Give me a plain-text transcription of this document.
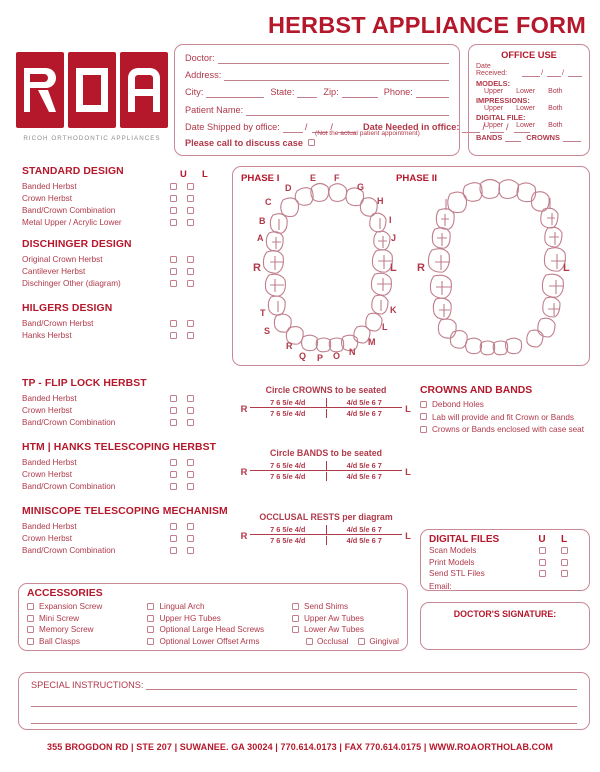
HERBST APPLIANCE FORM
RICOH ORTHODONTIC APPLIANCES
Doctor:
Address:
City:	State:	Zip:	Phone:
Patient Name:
Date Shipped by office:	/	/	Date Needed in office:	/ /
(Not the actual patient appointment)
Please call to discuss case
OFFICE USE
Date Received:	/	/
MODELS:
Upper Lower Both
IMPRESSIONS:
Upper Lower Both
DIGITAL FILE:
Upper Lower Both
BANDS	CROWNS
U L
STANDARD DESIGN
Banded Herbst
Crown Herbst
Band/Crown Combination
Metal Upper / Acrylic Lower
DISCHINGER DESIGN
Original Crown Herbst
Cantilever Herbst
Dischinger Other (diagram)
HILGERS DESIGN
Band/Crown Herbst
Hanks Herbst
TP - FLIP LOCK HERBST
Banded Herbst
Crown Herbst
Band/Crown Combination
HTM | HANKS TELESCOPING HERBST
Banded Herbst
Crown Herbst
Band/Crown Combination
MINISCOPE TELESCOPING MECHANISM
Banded Herbst
Crown Herbst
Band/Crown Combination
PHASE I	PHASE II
A
B
C
D
E F
G
H
I
J
K
L
M
N
O
P
Q
R
S
T
R	L R	L
Circle CROWNS to be seated
R
7 6 5/e 4/d	4/d 5/e 6 7
7 6 5/e 4/d	4/d 5/e 6 7	L
Circle BANDS to be seated
R
7 6 5/e 4/d	4/d 5/e 6 7
7 6 5/e 4/d	4/d 5/e 6 7	L
OCCLUSAL RESTS per diagram
R
7 6 5/e 4/d	4/d 5/e 6 7
7 6 5/e 4/d	4/d 5/e 6 7	L
CROWNS AND BANDS
Debond Holes
Lab will provide and fit Crown or Bands
Crowns or Bands enclosed with case seat
DIGITAL FILES	U	L
Scan Models
Print Models
Send STL Files
Email:
DOCTOR'S SIGNATURE:
ACCESSORIES
Expansion Screw
Mini Screw
Memory Screw
Ball Clasps
Lingual Arch
Upper HG Tubes
Optional Large Head Screws
Optional Lower Offset Arms
Send Shims
Upper Aw Tubes
Lower Aw Tubes
Occlusal	Gingival
SPECIAL INSTRUCTIONS:
355 BROGDON RD | STE 207 | SUWANEE. GA 30024 | 770.614.0173 | FAX 770.614.0175 | WWW.ROAORTHOLAB.COM
